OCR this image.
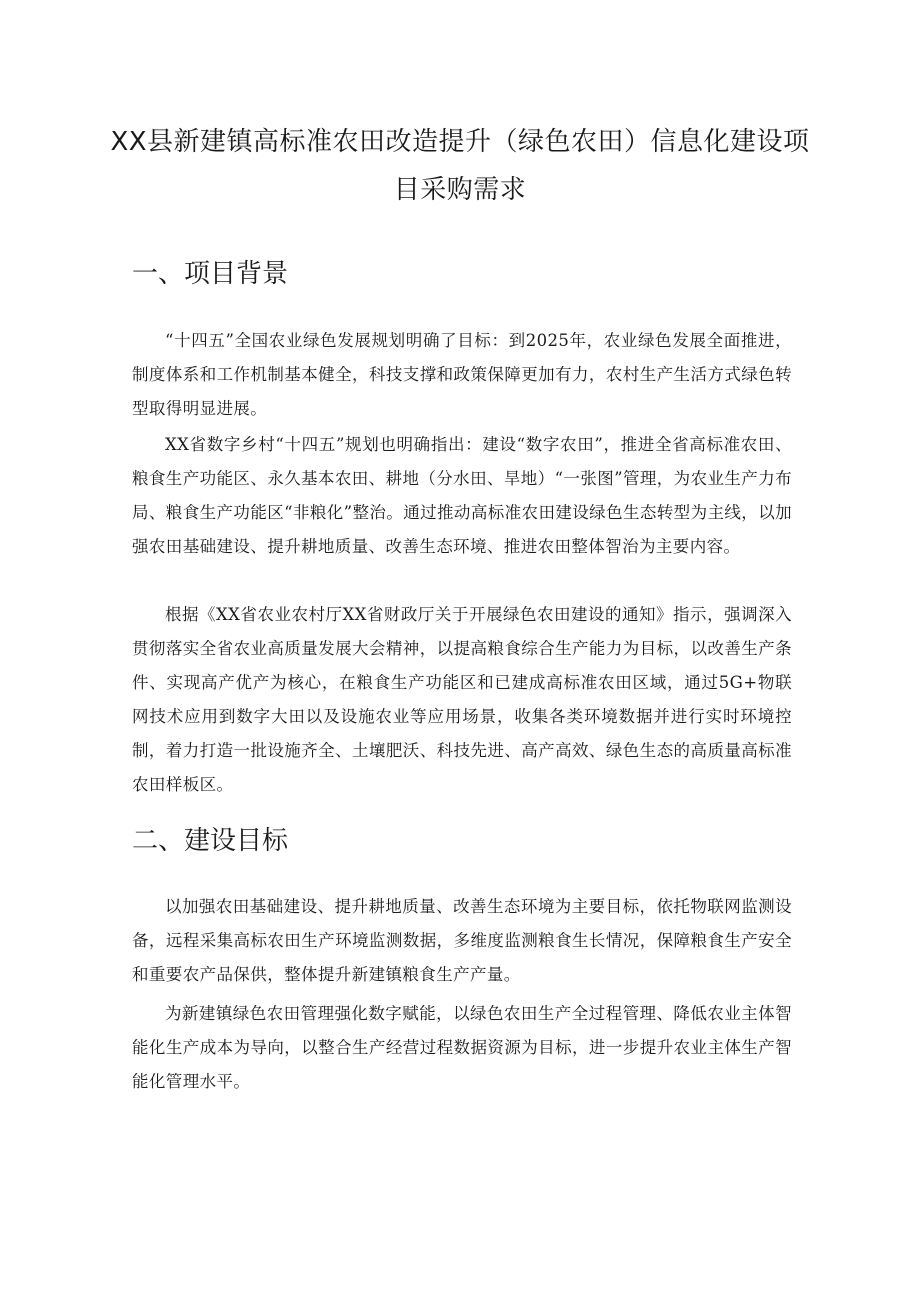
XX县新建镇高标准农田改造提升（绿色农田）信息化建设项目采购需求
一、项目背景

“十四五”全国农业绿色发展规划明确了目标：到2025年，农业绿色发展全面推进，制度体系和工作机制基本健全，科技支撑和政策保障更加有力，农村生产生活方式绿色转型取得明显进展。

XX省数字乡村“十四五”规划也明确指出：建设“数字农田”，推进全省高标准农田、粮食生产功能区、永久基本农田、耕地（分水田、旱地）“一张图”管理，为农业生产力布局、粮食生产功能区“非粮化”整治。通过推动高标准农田建设绿色生态转型为主线，以加强农田基础建设、提升耕地质量、改善生态环境、推进农田整体智治为主要内容。

根据《XX省农业农村厅XX省财政厅关于开展绿色农田建设的通知》指示，强调深入贯彻落实全省农业高质量发展大会精神，以提高粮食综合生产能力为目标，以改善生产条件、实现高产优产为核心，在粮食生产功能区和已建成高标准农田区域，通过5G+物联网技术应用到数字大田以及设施农业等应用场景，收集各类环境数据并进行实时环境控制，着力打造一批设施齐全、土壤肥沃、科技先进、高产高效、绿色生态的高质量高标准农田样板区。

二、建设目标

以加强农田基础建设、提升耕地质量、改善生态环境为主要目标，依托物联网监测设备，远程采集高标农田生产环境监测数据，多维度监测粮食生长情况，保障粮食生产安全和重要农产品保供，整体提升新建镇粮食生产产量。

为新建镇绿色农田管理强化数字赋能，以绿色农田生产全过程管理、降低农业主体智能化生产成本为导向，以整合生产经营过程数据资源为目标，进一步提升农业主体生产智能化管理水平。
